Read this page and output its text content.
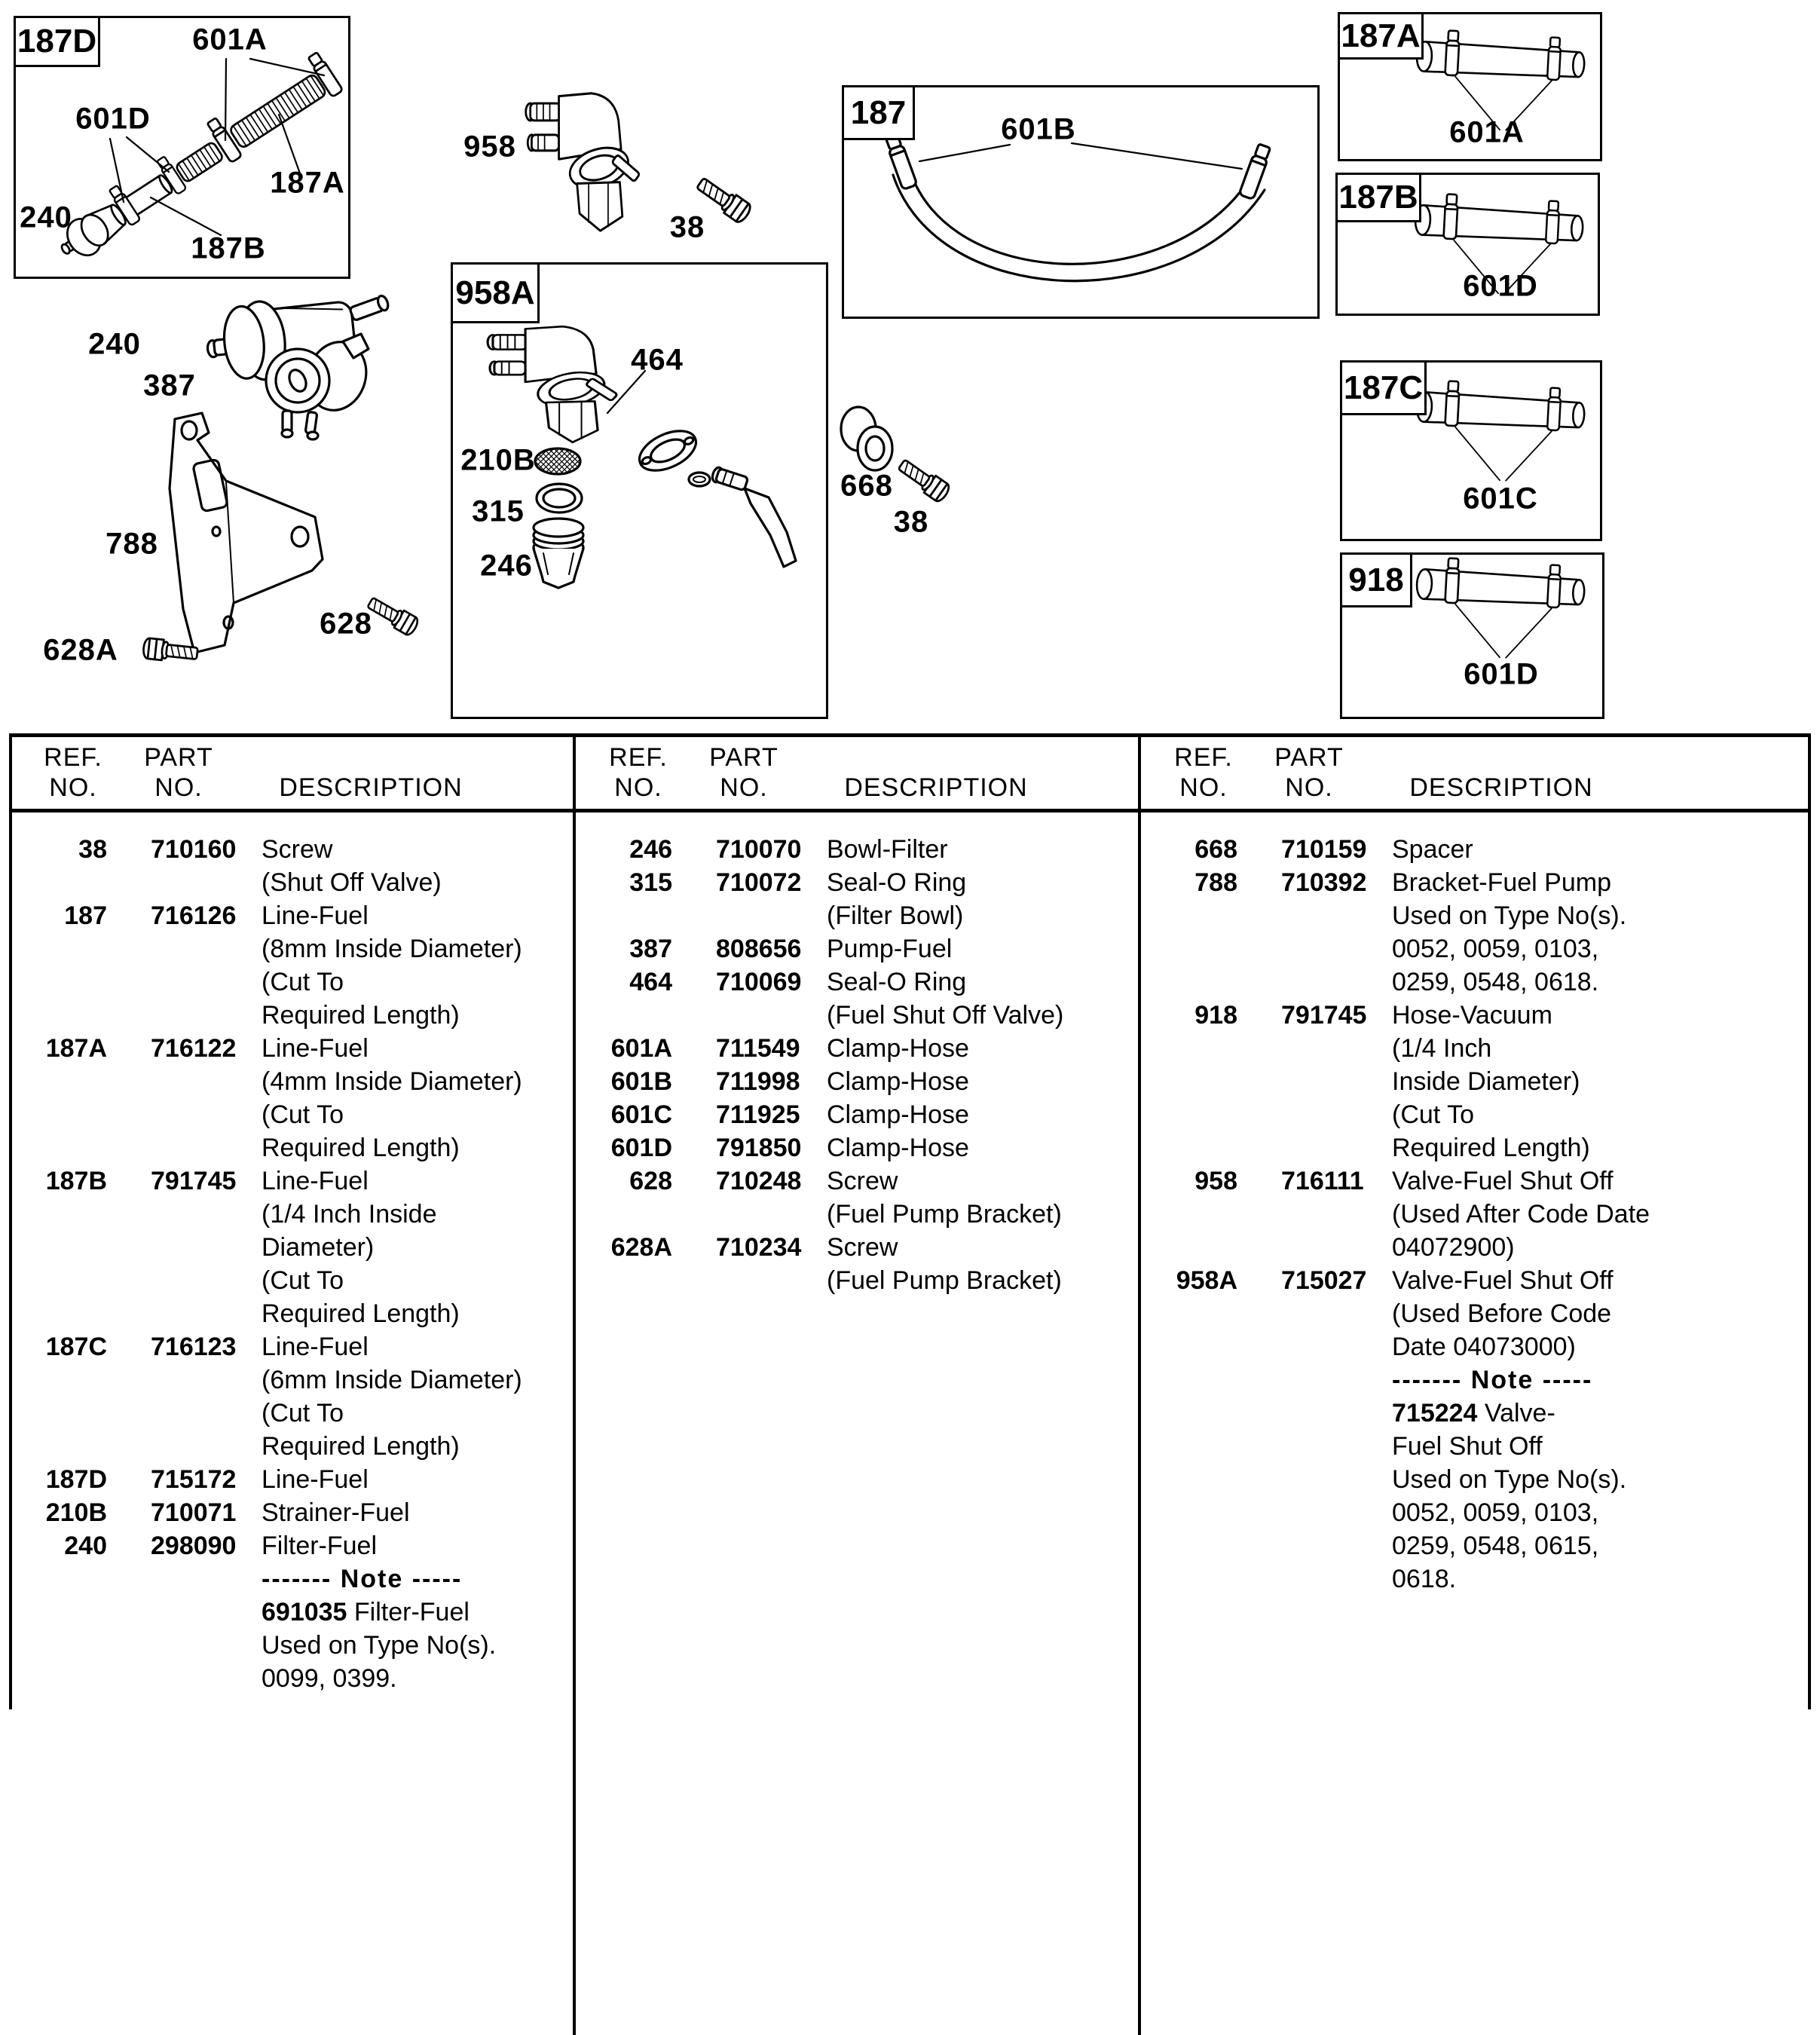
187D
187
958A
187A
187B
187C
918
601A
601D
240
187A
187B
240
387
788
628A
628
958
38
464
210B
315
246
668
38
601B	601A
601D
601C
601D
REF.
NO.
PART
NO.	DESCRIPTION
38	710160 Screw
(Shut Off Valve)
187	716126 Line-Fuel
(8mm Inside Diameter)
(Cut To
Required Length)
187A	716122 Line-Fuel
(4mm Inside Diameter)
(Cut To
Required Length)
187B	791745 Line-Fuel
(1/4 Inch Inside
Diameter)
(Cut To
Required Length)
187C	716123 Line-Fuel
(6mm Inside Diameter)
(Cut To
Required Length)
187D	715172 Line-Fuel
210B	710071 Strainer-Fuel
240	298090 Filter-Fuel
------- Note -----
691035 Filter-Fuel
Used on Type No(s).
0099, 0399.
REF.
NO.
PART
NO.	DESCRIPTION
246	710070 Bowl-Filter
315	710072 Seal-O Ring
(Filter Bowl)
387	808656 Pump-Fuel
464	710069 Seal-O Ring
(Fuel Shut Off Valve)
601A	711549	Clamp-Hose
601B	711998	Clamp-Hose
601C	711925	Clamp-Hose
601D	791850 Clamp-Hose
628	710248 Screw
(Fuel Pump Bracket)
628A	710234 Screw
(Fuel Pump Bracket)
REF.
NO.
PART
NO.	DESCRIPTION
668	710159 Spacer
788	710392 Bracket-Fuel Pump
Used on Type No(s).
0052, 0059, 0103,
0259, 0548, 0618.
918	791745 Hose-Vacuum
(1/4 Inch
Inside Diameter)
(Cut To
Required Length)
958	716111	Valve-Fuel Shut Off
(Used After Code Date
04072900)
958A	715027 Valve-Fuel Shut Off
(Used Before Code
Date 04073000)
------- Note -----
715224 Valve-
Fuel Shut Off
Used on Type No(s).
0052, 0059, 0103,
0259, 0548, 0615,
0618.
